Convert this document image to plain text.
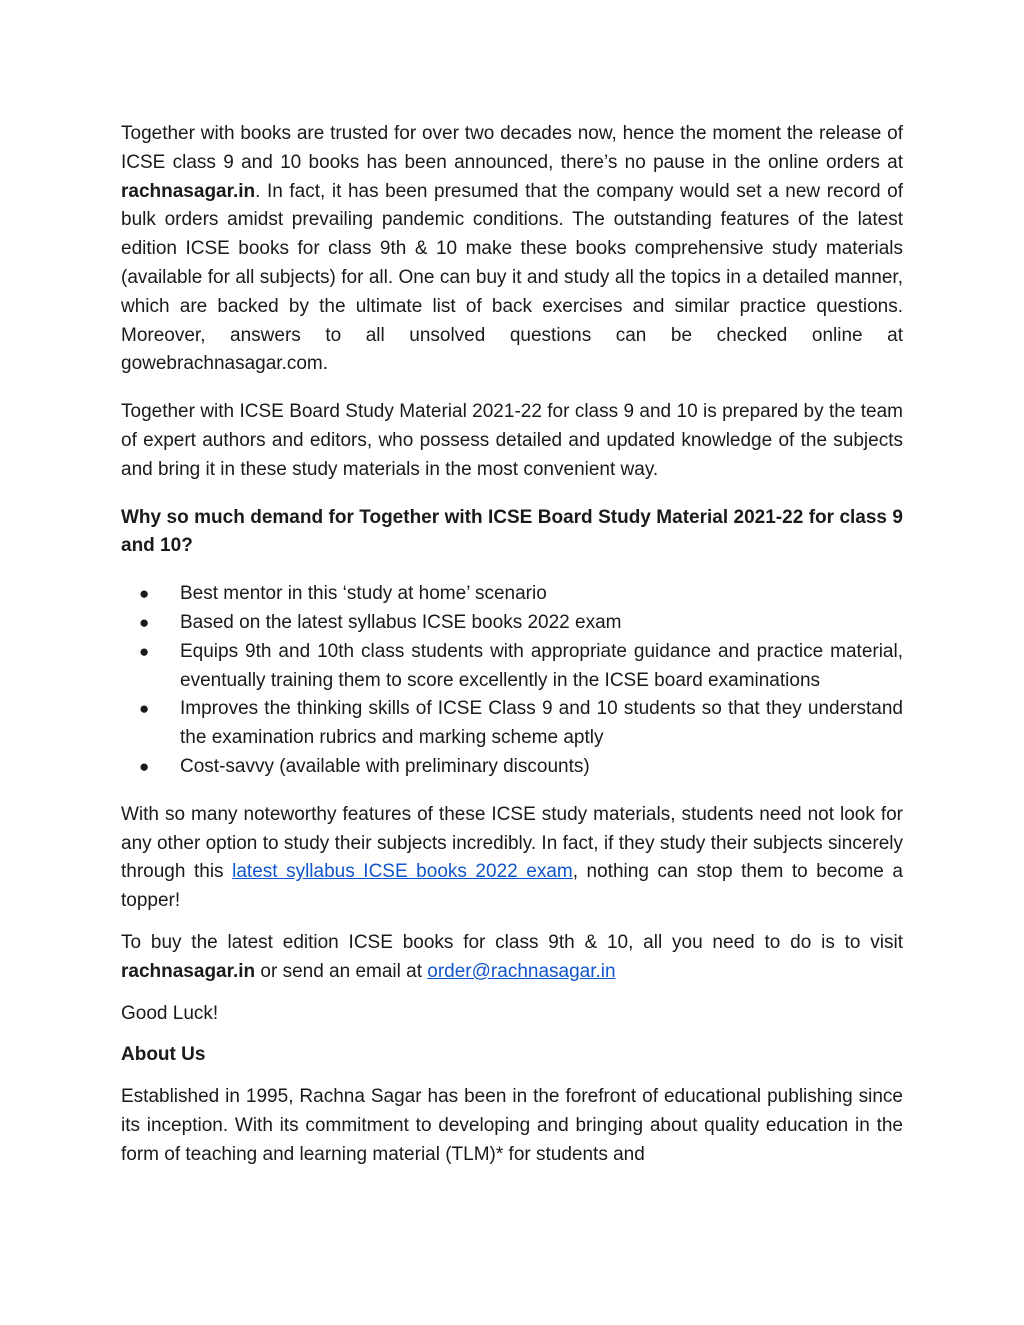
Together with books are trusted for over two decades now, hence the moment the release of ICSE class 9 and 10 books has been announced, there’s no pause in the online orders at rachnasagar.in. In fact, it has been presumed that the company would set a new record of bulk orders amidst prevailing pandemic conditions. The outstanding features of the latest edition ICSE books for class 9th & 10 make these books comprehensive study materials (available for all subjects) for all. One can buy it and study all the topics in a detailed manner, which are backed by the ultimate list of back exercises and similar practice questions. Moreover, answers to all unsolved questions can be checked online at gowebrachnasagar.com.

Together with ICSE Board Study Material 2021-22 for class 9 and 10 is prepared by the team of expert authors and editors, who possess detailed and updated knowledge of the subjects and bring it in these study materials in the most convenient way.

Why so much demand for Together with ICSE Board Study Material 2021-22 for class 9 and 10?

● Best mentor in this ‘study at home’ scenario
● Based on the latest syllabus ICSE books 2022 exam
● Equips 9th and 10th class students with appropriate guidance and practice material, eventually training them to score excellently in the ICSE board examinations
● Improves the thinking skills of ICSE Class 9 and 10 students so that they understand the examination rubrics and marking scheme aptly
● Cost-savvy (available with preliminary discounts)

With so many noteworthy features of these ICSE study materials, students need not look for any other option to study their subjects incredibly. In fact, if they study their subjects sincerely through this latest syllabus ICSE books 2022 exam, nothing can stop them to become a topper!

To buy the latest edition ICSE books for class 9th & 10, all you need to do is to visit rachnasagar.in or send an email at order@rachnasagar.in

Good Luck!

About Us

Established in 1995, Rachna Sagar has been in the forefront of educational publishing since its inception. With its commitment to developing and bringing about quality education in the form of teaching and learning material (TLM)* for students and
